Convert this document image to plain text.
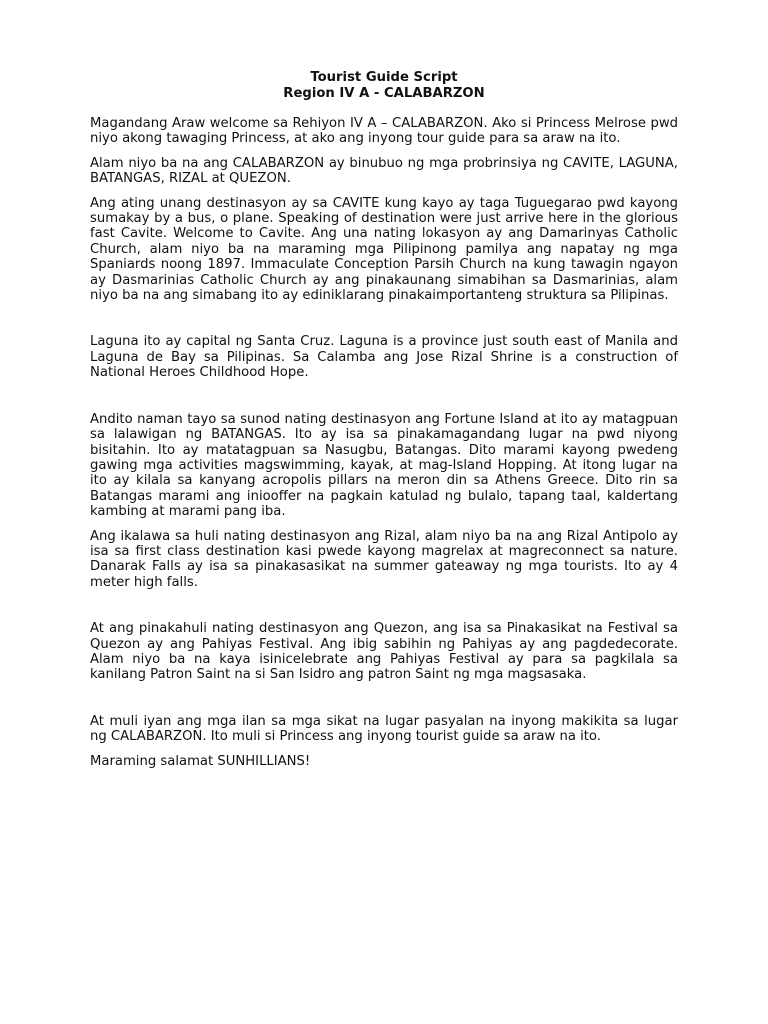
Tourist Guide Script

Region IV A - CALABARZON

Magandang Araw welcome sa Rehiyon IV A – CALABARZON. Ako si Princess Melrose pwd niyo akong tawaging Princess, at ako ang inyong tour guide para sa araw na ito.

Alam niyo ba na ang CALABARZON ay binubuo ng mga probrinsiya ng CAVITE, LAGUNA, BATANGAS, RIZAL at QUEZON.

Ang ating unang destinasyon ay sa CAVITE kung kayo ay taga Tuguegarao pwd kayong sumakay by a bus, o plane. Speaking of destination were just arrive here in the glorious fast Cavite. Welcome to Cavite. Ang una nating lokasyon ay ang Damarinyas Catholic Church, alam niyo ba na maraming mga Pilipinong pamilya ang napatay ng mga Spaniards noong 1897. Immaculate Conception Parsih Church na kung tawagin ngayon ay Dasmarinias Catholic Church ay ang pinakaunang simabihan sa Dasmarinias, alam niyo ba na ang simabang ito ay ediniklarang pinakaimportanteng struktura sa Pilipinas.

Laguna ito ay capital ng Santa Cruz. Laguna is a province just south east of Manila and Laguna de Bay sa Pilipinas. Sa Calamba ang Jose Rizal Shrine is a construction of National Heroes Childhood Hope.

Andito naman tayo sa sunod nating destinasyon ang Fortune Island at ito ay matagpuan sa lalawigan ng BATANGAS. Ito ay isa sa pinakamagandang lugar na pwd niyong bisitahin. Ito ay matatagpuan sa Nasugbu, Batangas. Dito marami kayong pwedeng gawing mga activities magswimming, kayak, at mag-Island Hopping. At itong lugar na ito ay kilala sa kanyang acropolis pillars na meron din sa Athens Greece. Dito rin sa Batangas marami ang iniooffer na pagkain katulad ng bulalo, tapang taal, kaldertang kambing at marami pang iba.

Ang ikalawa sa huli nating destinasyon ang Rizal, alam niyo ba na ang Rizal Antipolo ay isa sa first class destination kasi pwede kayong magrelax at magreconnect sa nature. Danarak Falls ay isa sa pinakasasikat na summer gateaway ng mga tourists. Ito ay 4 meter high falls.

At ang pinakahuli nating destinasyon ang Quezon, ang isa sa Pinakasikat na Festival sa Quezon ay ang Pahiyas Festival. Ang ibig sabihin ng Pahiyas ay ang pagdedecorate. Alam niyo ba na kaya isinicelebrate ang Pahiyas Festival ay para sa pagkilala sa kanilang Patron Saint na si San Isidro ang patron Saint ng mga magsasaka.

At muli iyan ang mga ilan sa mga sikat na lugar pasyalan na inyong makikita sa lugar ng CALABARZON. Ito muli si Princess ang inyong tourist guide sa araw na ito.

Maraming salamat SUNHILLIANS!
